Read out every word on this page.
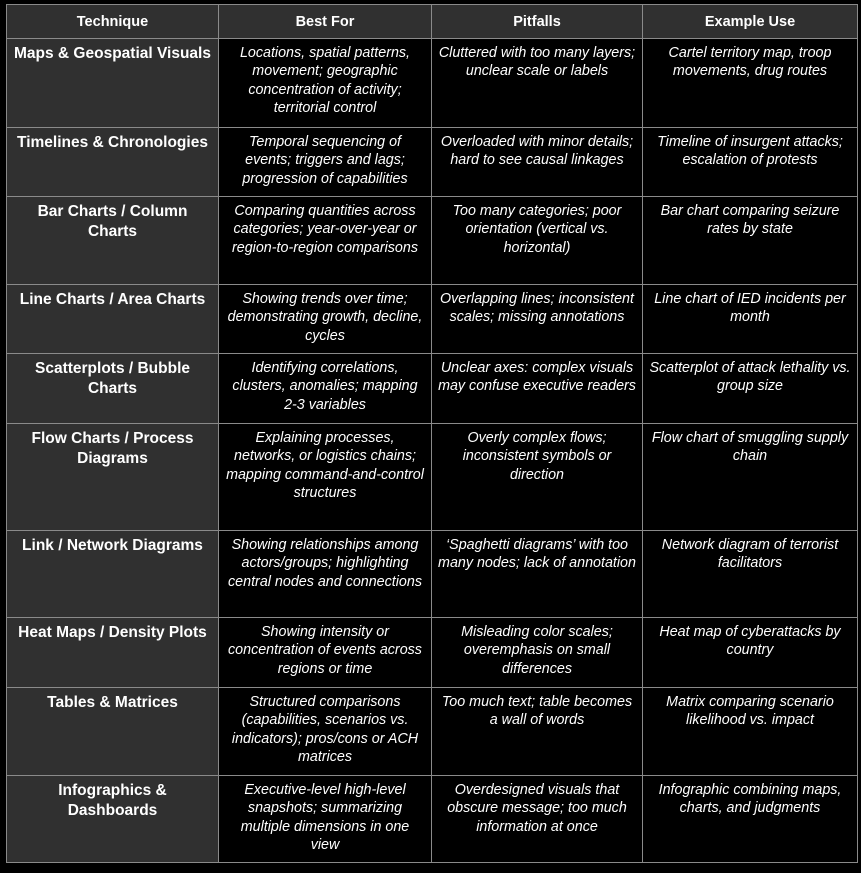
Technique	Best For	Pitfalls	Example Use
Maps & Geospatial Visuals	Locations, spatial patterns, movement; geographic concentration of activity; territorial control	Cluttered with too many layers; unclear scale or labels	Cartel territory map, troop movements, drug routes
Timelines & Chronologies	Temporal sequencing of events; triggers and lags; progression of capabilities	Overloaded with minor details; hard to see causal linkages	Timeline of insurgent attacks; escalation of protests
Bar Charts / Column Charts	Comparing quantities across categories; year-over-year or region-to-region comparisons	Too many categories; poor orientation (vertical vs. horizontal)	Bar chart comparing seizure rates by state
Line Charts / Area Charts	Showing trends over time; demonstrating growth, decline, cycles	Overlapping lines; inconsistent scales; missing annotations	Line chart of IED incidents per month
Scatterplots / Bubble Charts	Identifying correlations, clusters, anomalies; mapping 2-3 variables	Unclear axes: complex visuals may confuse executive readers	Scatterplot of attack lethality vs. group size
Flow Charts / Process Diagrams	Explaining processes, networks, or logistics chains; mapping command-and-control structures	Overly complex flows; inconsistent symbols or direction	Flow chart of smuggling supply chain
Link / Network Diagrams	Showing relationships among actors/groups; highlighting central nodes and connections	‘Spaghetti diagrams’ with too many nodes; lack of annotation	Network diagram of terrorist facilitators
Heat Maps / Density Plots	Showing intensity or concentration of events across regions or time	Misleading color scales; overemphasis on small differences	Heat map of cyberattacks by country
Tables & Matrices	Structured comparisons (capabilities, scenarios vs. indicators); pros/cons or ACH matrices	Too much text; table becomes a wall of words	Matrix comparing scenario likelihood vs. impact
Infographics & Dashboards	Executive-level high-level snapshots; summarizing multiple dimensions in one view	Overdesigned visuals that obscure message; too much information at once	Infographic combining maps, charts, and judgments
